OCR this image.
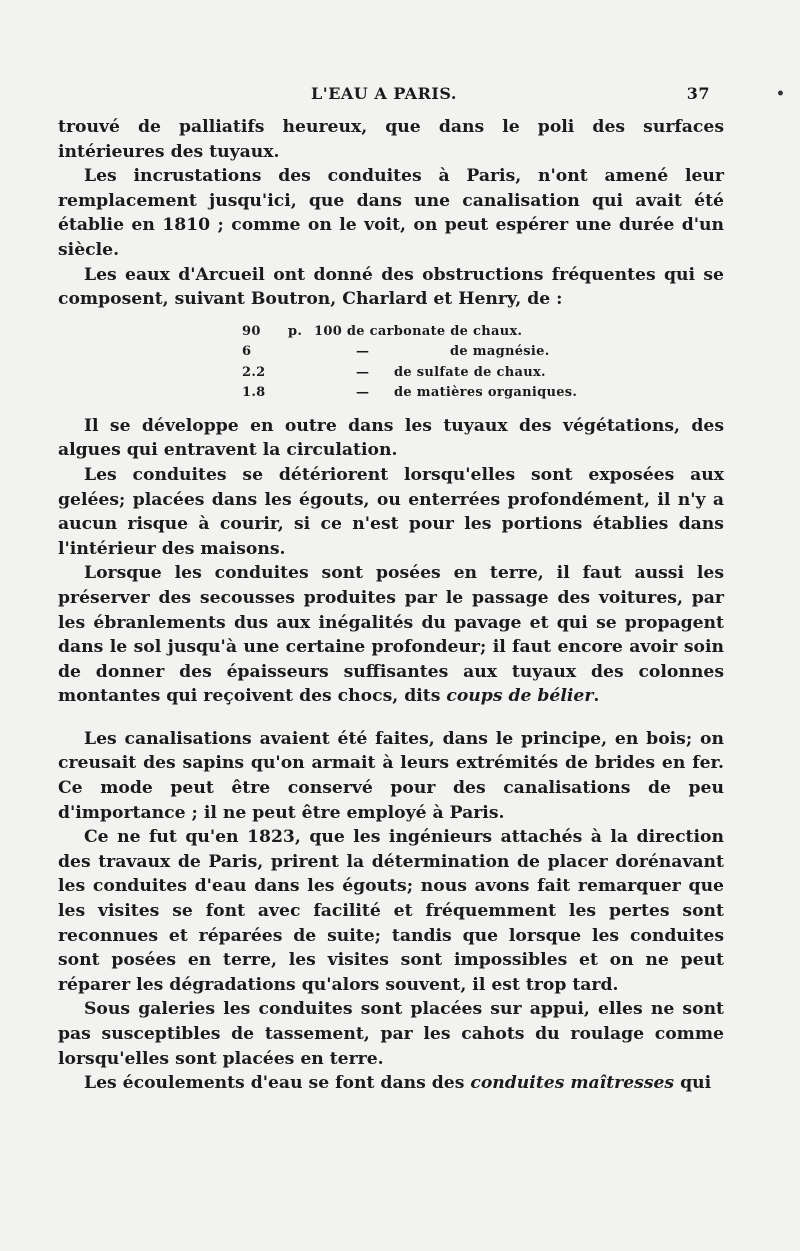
L'EAU A PARIS.	37	•

trouvé de palliatifs heureux, que dans le poli des surfaces intérieures des tuyaux.

Les incrustations des conduites à Paris, n'ont amené leur remplacement jusqu'ici, que dans une canalisation qui avait été établie en 1810 ; comme on le voit, on peut espérer une durée d'un siècle.

Les eaux d'Arcueil ont donné des obstructions fréquentes qui se composent, suivant Boutron, Charlard et Henry, de :

90	p. 100 de carbonate de chaux.
6	—	de magnésie.
2.2	— de sulfate de chaux.
1.8	— de matières organiques.

Il se développe en outre dans les tuyaux des végétations, des algues qui entravent la circulation.

Les conduites se détériorent lorsqu'elles sont exposées aux gelées; placées dans les égouts, ou enterrées profondément, il n'y a aucun risque à courir, si ce n'est pour les portions établies dans l'intérieur des maisons.

Lorsque les conduites sont posées en terre, il faut aussi les préserver des secousses produites par le passage des voitures, par les ébranlements dus aux inégalités du pavage et qui se propagent dans le sol jusqu'à une certaine profondeur; il faut encore avoir soin de donner des épaisseurs suffisantes aux tuyaux des colonnes montantes qui reçoivent des chocs, dits coups de bélier.

Les canalisations avaient été faites, dans le principe, en bois; on creusait des sapins qu'on armait à leurs extrémités de brides en fer. Ce mode peut être conservé pour des canalisations de peu d'importance ; il ne peut être employé à Paris.

Ce ne fut qu'en 1823, que les ingénieurs attachés à la direction des travaux de Paris, prirent la détermination de placer dorénavant les conduites d'eau dans les égouts; nous avons fait remarquer que les visites se font avec facilité et fréquemment les pertes sont reconnues et réparées de suite; tandis que lorsque les conduites sont posées en terre, les visites sont impossibles et on ne peut réparer les dégradations qu'alors souvent, il est trop tard.

Sous galeries les conduites sont placées sur appui, elles ne sont pas susceptibles de tassement, par les cahots du roulage comme lorsqu'elles sont placées en terre.

Les écoulements d'eau se font dans des conduites maîtresses qui
